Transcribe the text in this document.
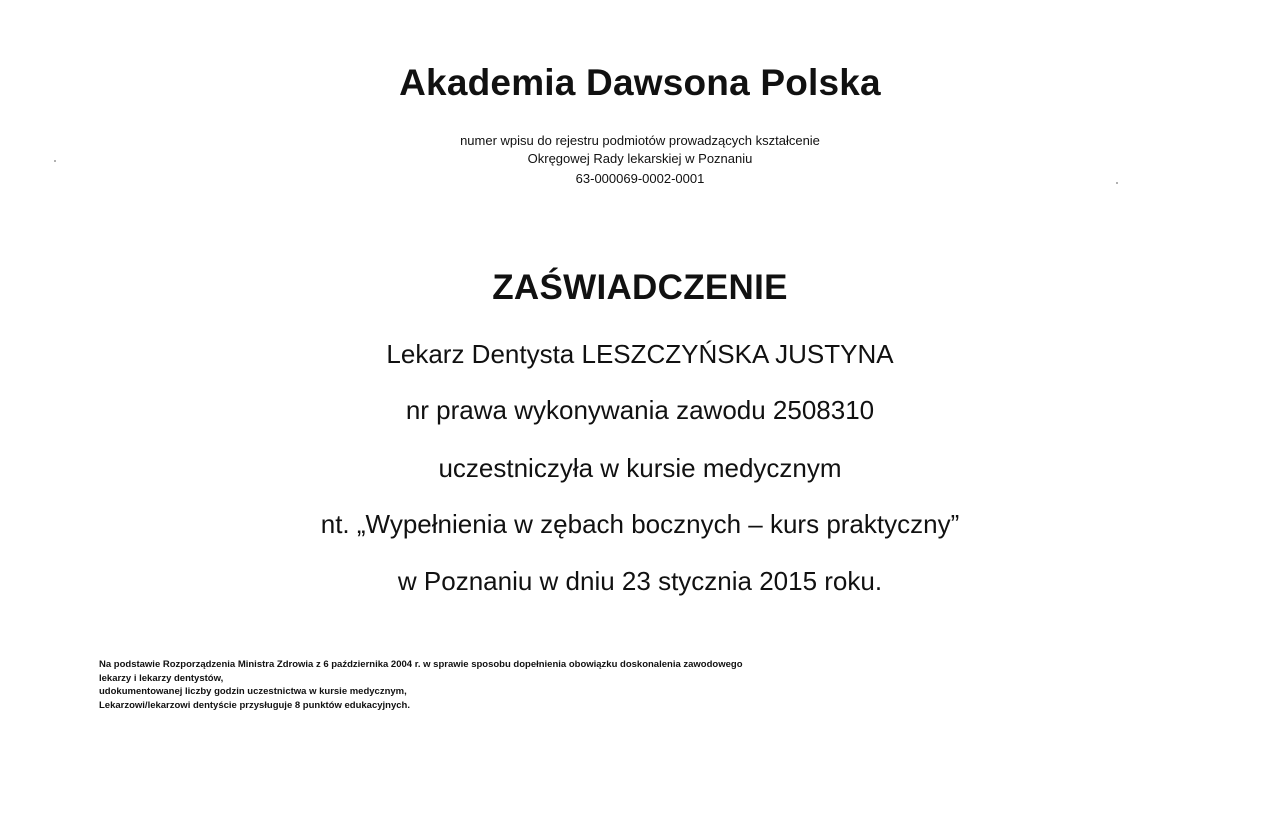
Akademia Dawsona Polska
numer wpisu do rejestru podmiotów prowadzących kształcenie
Okręgowej Rady lekarskiej w Poznaniu
63-000069-0002-0001
ZAŚWIADCZENIE
Lekarz Dentysta LESZCZYŃSKA JUSTYNA
nr prawa wykonywania zawodu 2508310
uczestniczyła w kursie medycznym
nt. „Wypełnienia w zębach bocznych – kurs praktyczny”
w Poznaniu w dniu 23 stycznia 2015 roku.
Na podstawie Rozporządzenia Ministra Zdrowia z 6 października 2004 r. w sprawie sposobu dopełnienia obowiązku doskonalenia zawodowego
lekarzy i lekarzy dentystów,
udokumentowanej liczby godzin uczestnictwa w kursie medycznym,
Lekarzowi/lekarzowi dentyście przysługuje 8 punktów edukacyjnych.
